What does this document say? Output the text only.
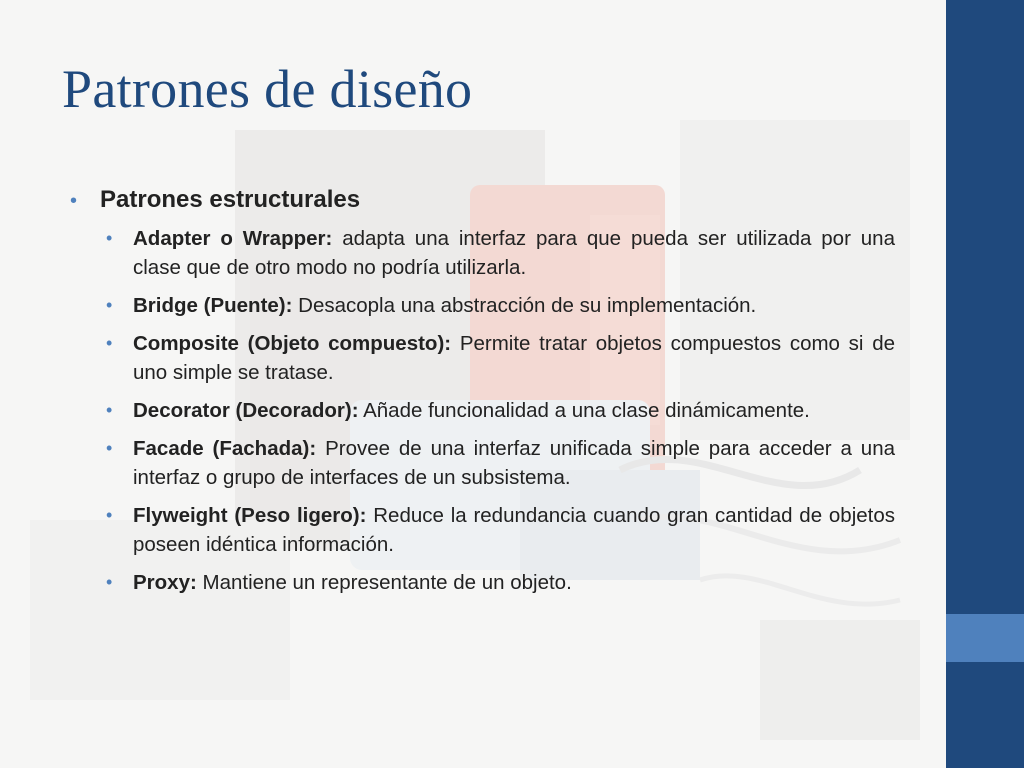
Patrones de diseño
• Patrones estructurales
•	Adapter o Wrapper: adapta una interfaz para que pueda ser utilizada por una clase que de otro modo no podría utilizarla.
•	Bridge (Puente): Desacopla una abstracción de su implementación.
•	Composite (Objeto compuesto): Permite tratar objetos compuestos como si de uno simple se tratase.
•	Decorator (Decorador): Añade funcionalidad a una clase dinámicamente.
•	Facade (Fachada): Provee de una interfaz unificada simple para acceder a una interfaz o grupo de interfaces de un subsistema.
•	Flyweight (Peso ligero): Reduce la redundancia cuando gran cantidad de objetos poseen idéntica información.
•	Proxy: Mantiene un representante de un objeto.
